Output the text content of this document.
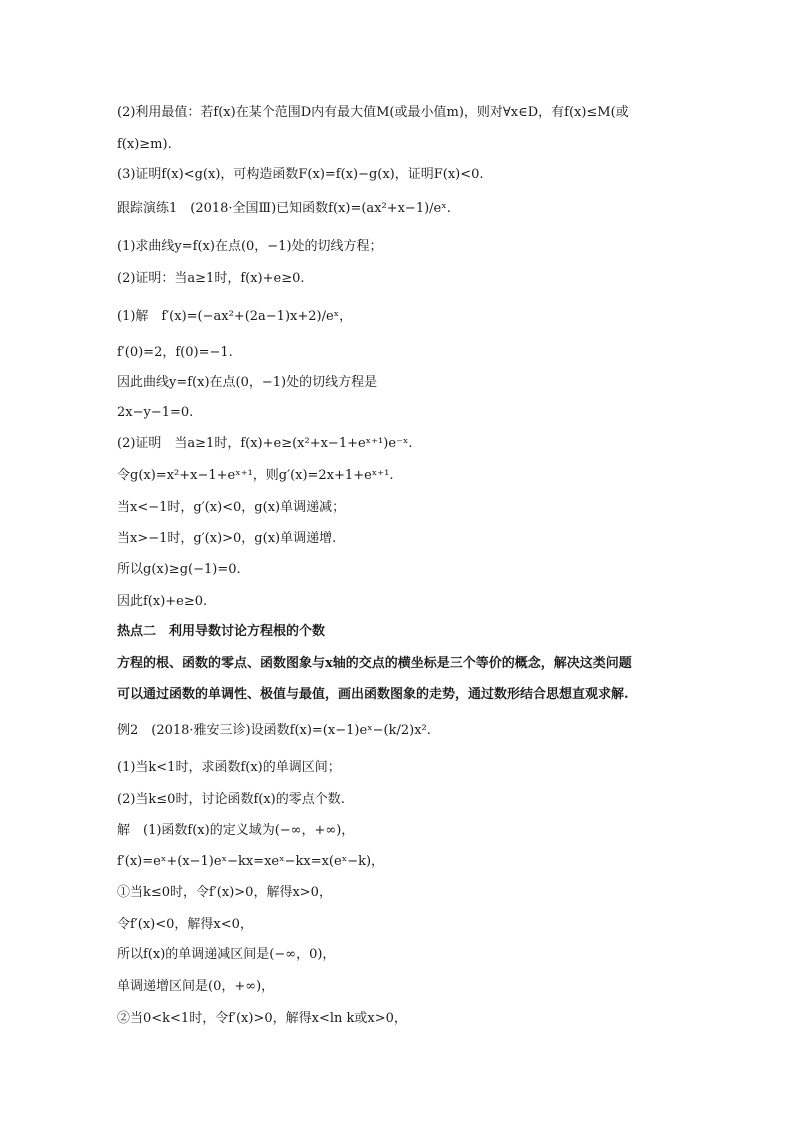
(2)利用最值：若f(x)在某个范围D内有最大值M(或最小值m)，则对∀x∈D，有f(x)≤M(或
f(x)≥m).
(3)证明f(x)<g(x)，可构造函数F(x)=f(x)−g(x)，证明F(x)<0.
跟踪演练1　(2018·全国Ⅲ)已知函数f(x)=(ax²+x−1)/eˣ.
(1)求曲线y=f(x)在点(0，−1)处的切线方程；
(2)证明：当a≥1时，f(x)+e≥0.
(1)解　f′(x)=(−ax²+(2a−1)x+2)/eˣ，
f′(0)=2，f(0)=−1.
因此曲线y=f(x)在点(0，−1)处的切线方程是
2x−y−1=0.
(2)证明　当a≥1时，f(x)+e≥(x²+x−1+eˣ⁺¹)e⁻ˣ.
令g(x)=x²+x−1+eˣ⁺¹，则g′(x)=2x+1+eˣ⁺¹.
当x<−1时，g′(x)<0，g(x)单调递减；
当x>−1时，g′(x)>0，g(x)单调递增.
所以g(x)≥g(−1)=0.
因此f(x)+e≥0.
热点二　利用导数讨论方程根的个数
方程的根、函数的零点、函数图象与x轴的交点的横坐标是三个等价的概念，解决这类问题
可以通过函数的单调性、极值与最值，画出函数图象的走势，通过数形结合思想直观求解.
例2　(2018·雅安三诊)设函数f(x)=(x−1)eˣ−(k/2)x².
(1)当k<1时，求函数f(x)的单调区间；
(2)当k≤0时，讨论函数f(x)的零点个数.
解　(1)函数f(x)的定义域为(−∞，+∞)，
f′(x)=eˣ+(x−1)eˣ−kx=xeˣ−kx=x(eˣ−k)，
①当k≤0时，令f′(x)>0，解得x>0，
令f′(x)<0，解得x<0，
所以f(x)的单调递减区间是(−∞，0)，
单调递增区间是(0，+∞)，
②当0<k<1时，令f′(x)>0，解得x<ln k或x>0，
